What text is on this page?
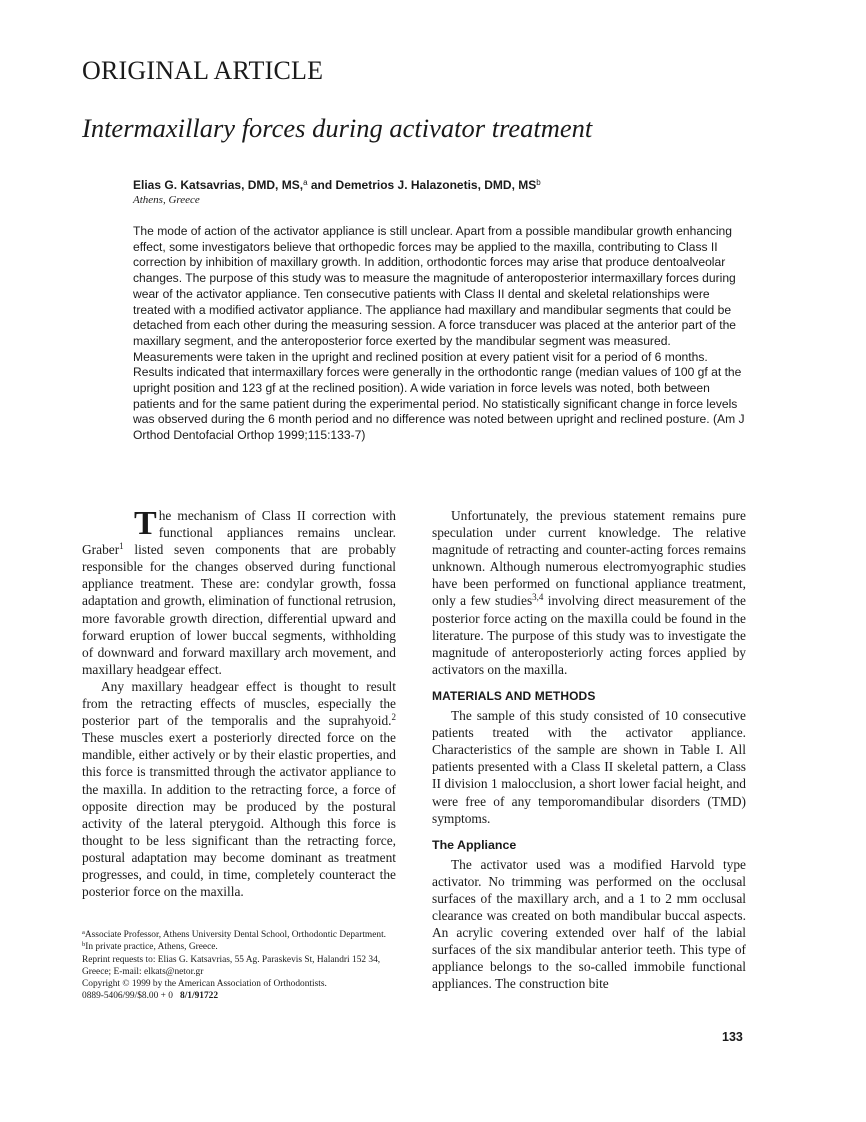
ORIGINAL ARTICLE
Intermaxillary forces during activator treatment
Elias G. Katsavrias, DMD, MS,$^a$ and Demetrios J. Halazonetis, DMD, $MS^b$
Athens, Greece

The mode of action of the activator appliance is still unclear. Apart from a possible mandibular growth enhancing effect, some investigators believe that orthopedic forces may be applied to the maxilla, contributing to Class II correction by inhibition of maxillary growth. In addition, orthodontic forces may arise that produce dentoalveolar changes. The purpose of this study was to measure the magnitude of anteroposterior intermaxillary forces during wear of the activator appliance. Ten consecutive patients with Class II dental and skeletal relationships were treated with a modified activator appliance. The appliance had maxillary and mandibular segments that could be detached from each other during the measuring session. A force transducer was placed at the anterior part of the maxillary segment, and the anteroposterior force exerted by the mandibular segment was measured. Measurements were taken in the upright and reclined position at every patient visit for a period of 6 months. Results indicated that intermaxillary forces were generally in the orthodontic range (median values of 100 gf at the upright position and 123 gf at the reclined position). A wide variation in force levels was noted, both between patients and for the same patient during the experimental period. No statistically significant change in force levels was observed during the 6 month period and no difference was noted between upright and reclined posture. (Am J Orthod Dentofacial Orthop 1999;115:133-7)

The mechanism of Class II correction with functional appliances remains unclear. Graber$^1$ listed seven components that are probably responsible for the changes observed during functional appliance treatment. These are: condylar growth, fossa adaptation and growth, elimination of functional retrusion, more favorable growth direction, differential upward and forward eruption of lower buccal segments, withholding of downward and forward maxillary arch movement, and maxillary headgear effect.

Any maxillary headgear effect is thought to result from the retracting effects of muscles, especially the posterior part of the temporalis and the suprahyoid.$^2$ These muscles exert a posteriorly directed force on the mandible, either actively or by their elastic properties, and this force is transmitted through the activator appliance to the maxilla. In addition to the retracting force, a force of opposite direction may be produced by the postural activity of the lateral pterygoid. Although this force is thought to be less significant than the retracting force, postural adaptation may become dominant as treatment progresses, and could, in time, completely counteract the posterior force on the maxilla.

Unfortunately, the previous statement remains pure speculation under current knowledge. The relative magnitude of retracting and counter-acting forces remains unknown. Although numerous electromyographic studies have been performed on functional appliance treatment, only a few studies$^{3,4}$ involving direct measurement of the posterior force acting on the maxilla could be found in the literature. The purpose of this study was to investigate the magnitude of anteroposteriorly acting forces applied by activators on the maxilla.

MATERIALS AND METHODS

The sample of this study consisted of 10 consecutive patients treated with the activator appliance. Characteristics of the sample are shown in Table I. All patients presented with a Class II skeletal pattern, a Class II division 1 malocclusion, a short lower facial height, and were free of any temporomandibular disorders (TMD) symptoms.

The Appliance

The activator used was a modified Harvold type activator. No trimming was performed on the occlusal surfaces of the maxillary arch, and a 1 to 2 mm occlusal clearance was created on both mandibular buccal aspects. An acrylic covering extended over half of the labial surfaces of the six mandibular anterior teeth. This type of appliance belongs to the so-called immobile functional appliances. The construction bite

$^a$Associate Professor, Athens University Dental School, Orthodontic Department.
$^b$In private practice, Athens, Greece.
Reprint requests to: Elias G. Katsavrias, 55 Ag. Paraskevis St, Halandri 152 34, Greece; E-mail: elkats@netor.gr
Copyright © 1999 by the American Association of Orthodontists.
0889-5406/99/$8.00 + 0 8/1/91722
133
